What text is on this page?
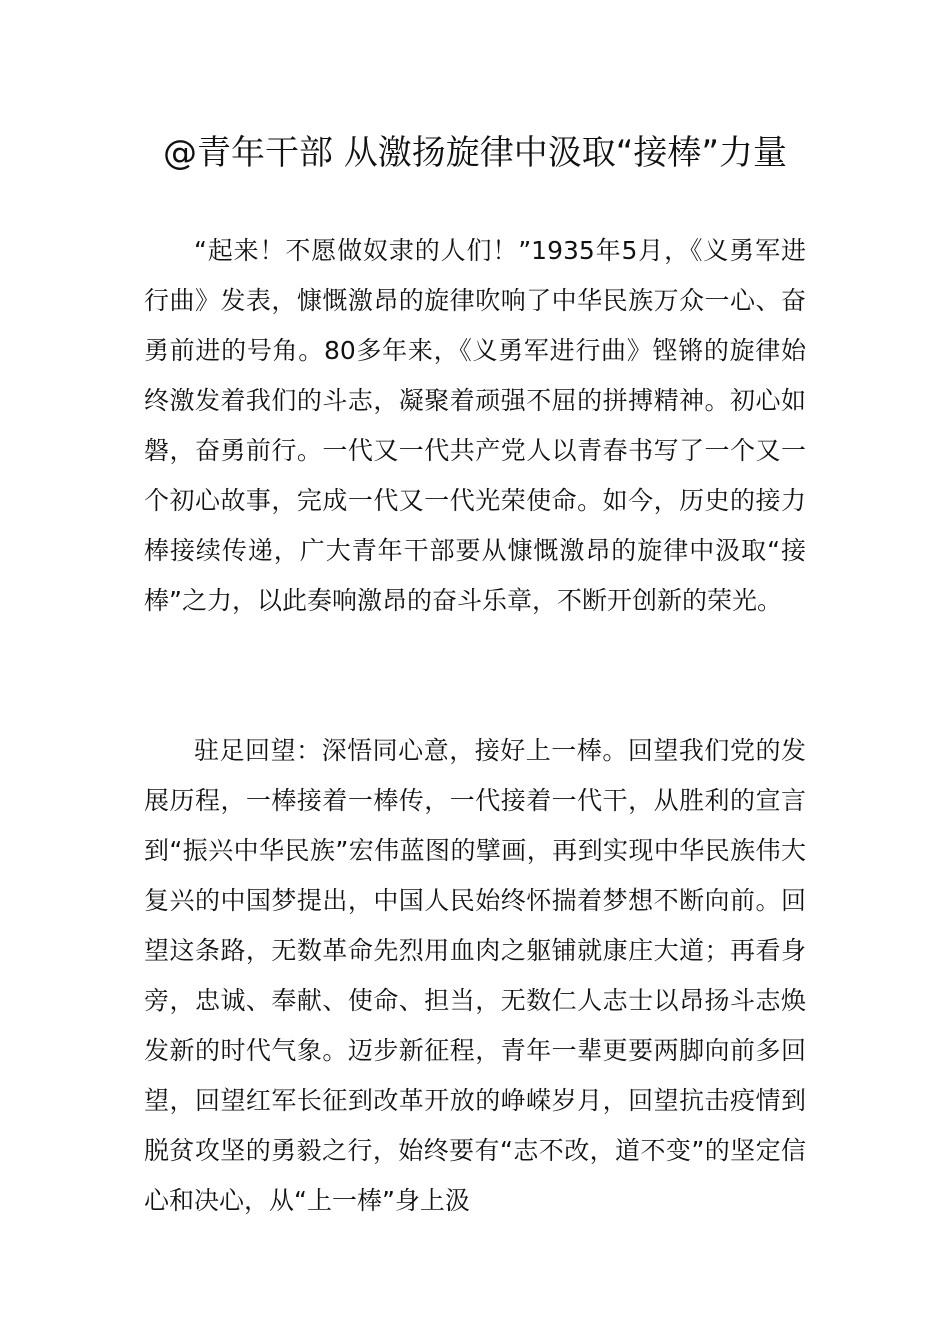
@青年干部 从激扬旋律中汲取“接棒”力量

“起来！不愿做奴隶的人们！”1935年5月，《义勇军进行曲》发表，慷慨激昂的旋律吹响了中华民族万众一心、奋勇前进的号角。80多年来，《义勇军进行曲》铿锵的旋律始终激发着我们的斗志，凝聚着顽强不屈的拼搏精神。初心如磐，奋勇前行。一代又一代共产党人以青春书写了一个又一个初心故事，完成一代又一代光荣使命。如今，历史的接力棒接续传递，广大青年干部要从慷慨激昂的旋律中汲取“接棒”之力，以此奏响激昂的奋斗乐章，不断开创新的荣光。

驻足回望：深悟同心意，接好上一棒。回望我们党的发展历程，一棒接着一棒传，一代接着一代干，从胜利的宣言到“振兴中华民族”宏伟蓝图的擘画，再到实现中华民族伟大复兴的中国梦提出，中国人民始终怀揣着梦想不断向前。回望这条路，无数革命先烈用血肉之躯铺就康庄大道；再看身旁，忠诚、奉献、使命、担当，无数仁人志士以昂扬斗志焕发新的时代气象。迈步新征程，青年一辈更要两脚向前多回望，回望红军长征到改革开放的峥嵘岁月，回望抗击疫情到脱贫攻坚的勇毅之行，始终要有“志不改，道不变”的坚定信心和决心，从“上一棒”身上汲
